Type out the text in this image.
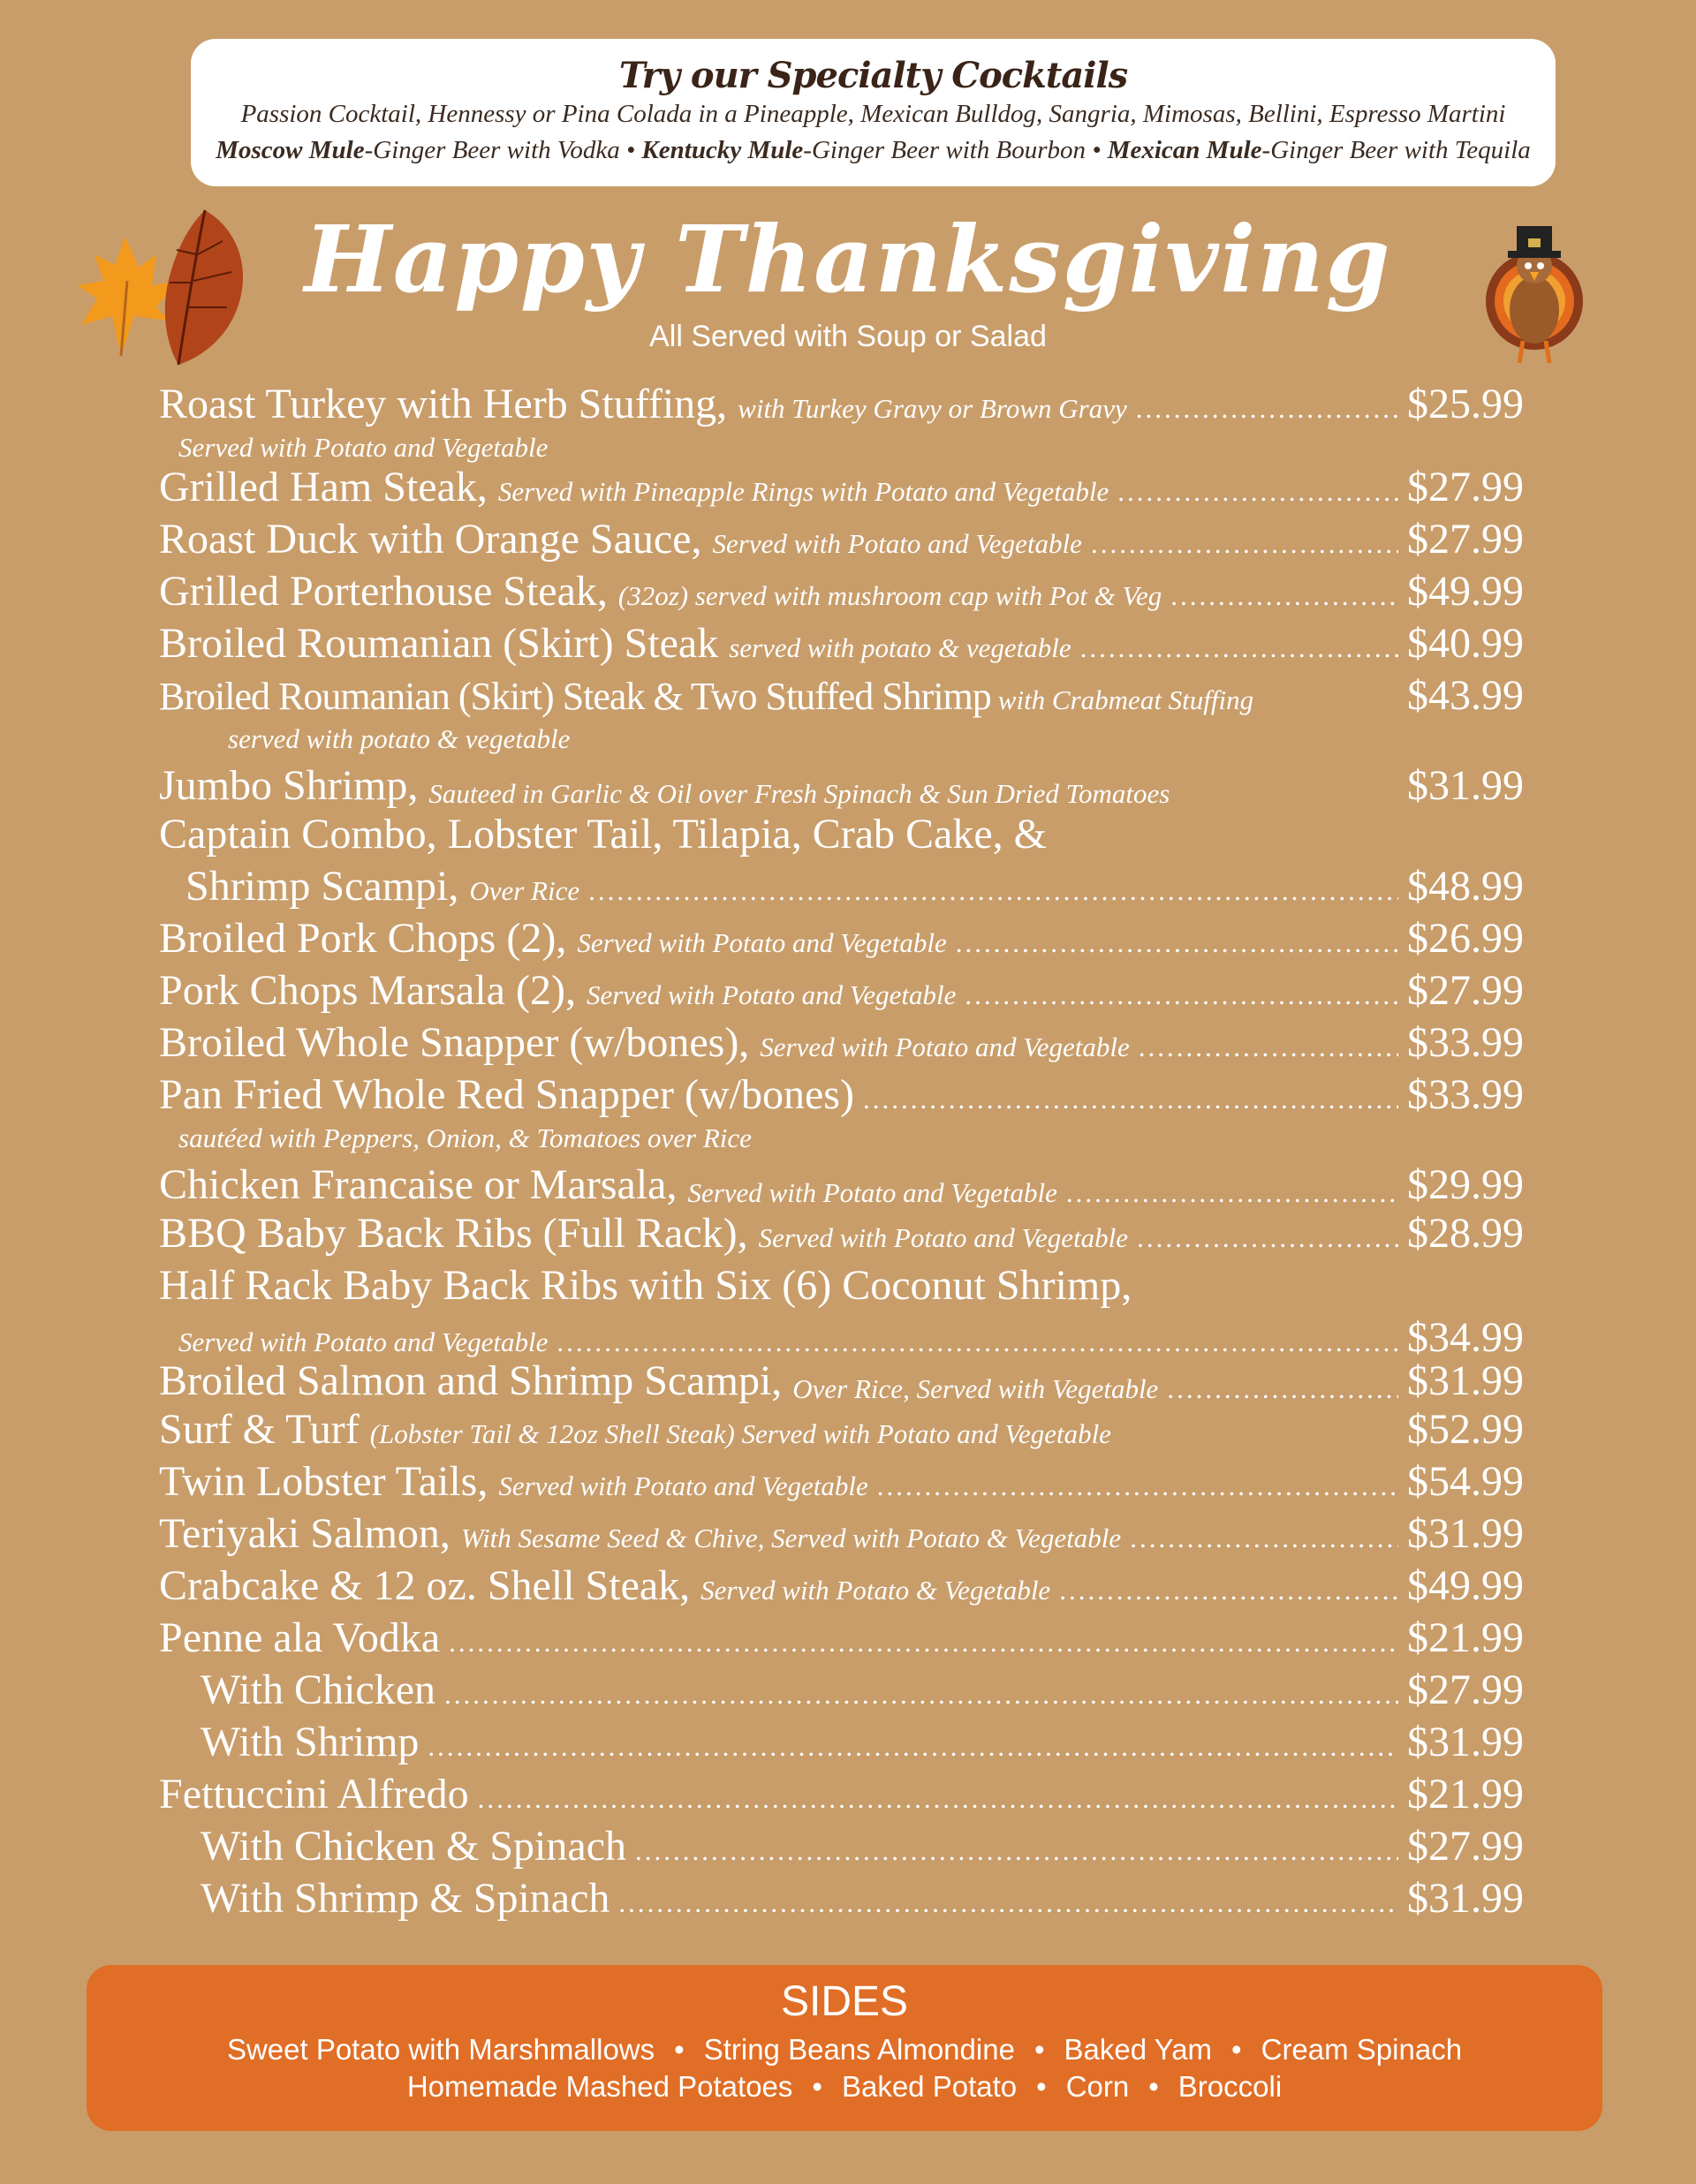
Try our Specialty Cocktails
Passion Cocktail, Hennessy or Pina Colada in a Pineapple, Mexican Bulldog, Sangria, Mimosas, Bellini, Espresso Martini
Moscow Mule-Ginger Beer with Vodka • Kentucky Mule-Ginger Beer with Bourbon • Mexican Mule-Ginger Beer with Tequila
Happy Thanksgiving
All Served with Soup or Salad
Roast Turkey with Herb Stuffing, with Turkey Gravy or Brown Gravy .....	$25.99
Served with Potato and Vegetable
Grilled Ham Steak, Served with Pineapple Rings with Potato and Vegetable .....	$27.99
Roast Duck with Orange Sauce, Served with Potato and Vegetable .....	$27.99
Grilled Porterhouse Steak, (32oz) served with mushroom cap with Pot & Veg .....	$49.99
Broiled Roumanian (Skirt) Steak served with potato & vegetable .....	$40.99
Broiled Roumanian (Skirt) Steak & Two Stuffed Shrimp with Crabmeat Stuffing	$43.99
served with potato & vegetable
Jumbo Shrimp, Sauteed in Garlic & Oil over Fresh Spinach & Sun Dried Tomatoes	$31.99
Captain Combo, Lobster Tail, Tilapia, Crab Cake, &
Shrimp Scampi, Over Rice .....	$48.99
Broiled Pork Chops (2), Served with Potato and Vegetable .....	$26.99
Pork Chops Marsala (2), Served with Potato and Vegetable .....	$27.99
Broiled Whole Snapper (w/bones), Served with Potato and Vegetable .....	$33.99
Pan Fried Whole Red Snapper (w/bones) .....	$33.99
sautéed with Peppers, Onion, & Tomatoes over Rice
Chicken Francaise or Marsala, Served with Potato and Vegetable .....	$29.99
BBQ Baby Back Ribs (Full Rack), Served with Potato and Vegetable .....	$28.99
Half Rack Baby Back Ribs with Six (6) Coconut Shrimp,
Served with Potato and Vegetable .....	$34.99
Broiled Salmon and Shrimp Scampi, Over Rice, Served with Vegetable .....	$31.99
Surf & Turf (Lobster Tail & 12oz Shell Steak) Served with Potato and Vegetable	$52.99
Twin Lobster Tails, Served with Potato and Vegetable .....	$54.99
Teriyaki Salmon, With Sesame Seed & Chive, Served with Potato & Vegetable .....	$31.99
Crabcake & 12 oz. Shell Steak, Served with Potato & Vegetable .....	$49.99
Penne ala Vodka .....	$21.99
With Chicken .....	$27.99
With Shrimp .....	$31.99
Fettuccini Alfredo .....	$21.99
With Chicken & Spinach .....	$27.99
With Shrimp & Spinach .....	$31.99
SIDES
Sweet Potato with Marshmallows • String Beans Almondine • Baked Yam • Cream Spinach
Homemade Mashed Potatoes • Baked Potato • Corn • Broccoli
